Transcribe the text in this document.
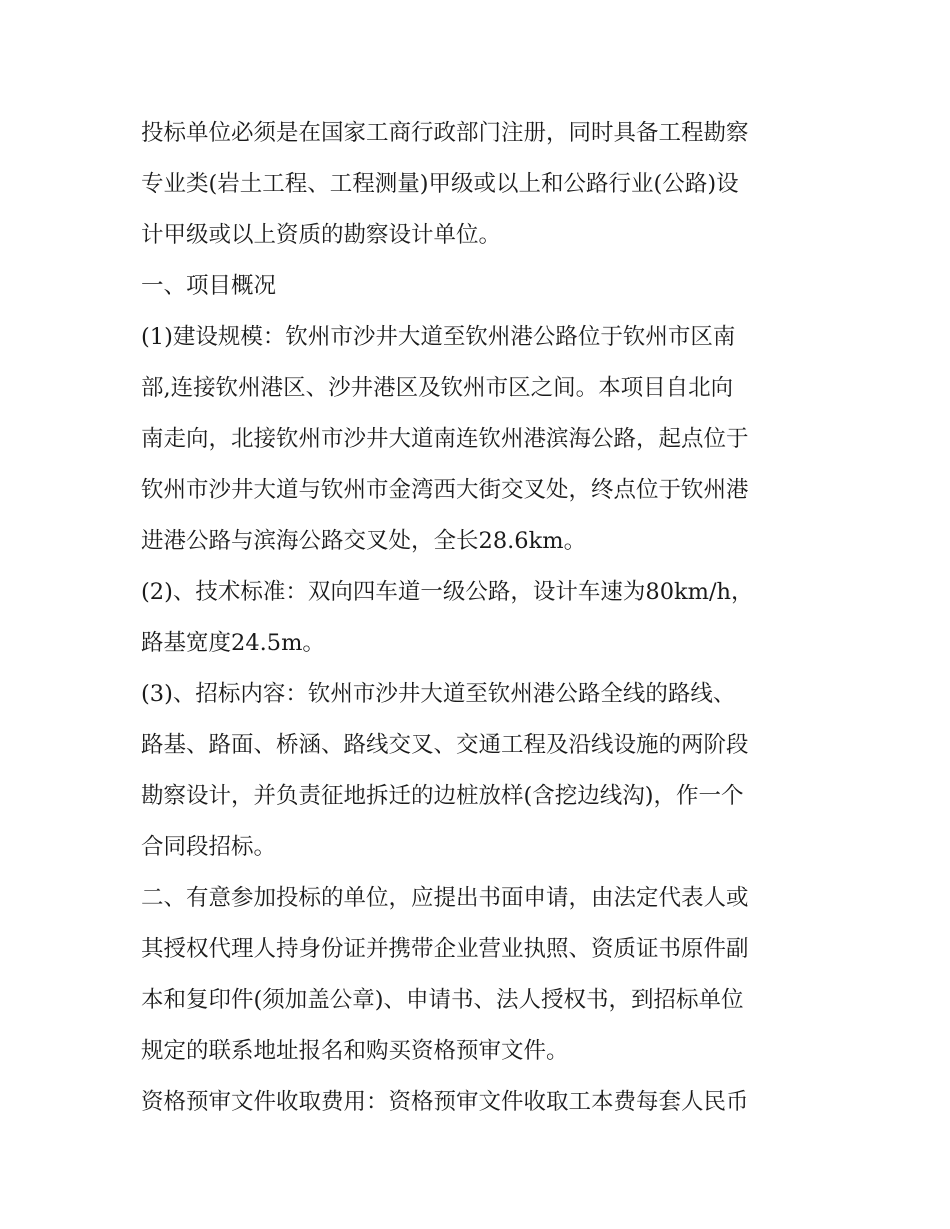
投标单位必须是在国家工商行政部门注册，同时具备工程勘察

专业类(岩土工程、工程测量)甲级或以上和公路行业(公路)设

计甲级或以上资质的勘察设计单位。

一、项目概况

(1)建设规模：钦州市沙井大道至钦州港公路位于钦州市区南

部,连接钦州港区、沙井港区及钦州市区之间。本项目自北向

南走向，北接钦州市沙井大道南连钦州港滨海公路，起点位于

钦州市沙井大道与钦州市金湾西大街交叉处，终点位于钦州港

进港公路与滨海公路交叉处，全长28.6km。

(2)、技术标准：双向四车道一级公路，设计车速为80km/h，

路基宽度24.5m。

(3)、招标内容：钦州市沙井大道至钦州港公路全线的路线、

路基、路面、桥涵、路线交叉、交通工程及沿线设施的两阶段

勘察设计，并负责征地拆迁的边桩放样(含挖边线沟)，作一个

合同段招标。

二、有意参加投标的单位，应提出书面申请，由法定代表人或

其授权代理人持身份证并携带企业营业执照、资质证书原件副

本和复印件(须加盖公章)、申请书、法人授权书，到招标单位

规定的联系地址报名和购买资格预审文件。

资格预审文件收取费用：资格预审文件收取工本费每套人民币
